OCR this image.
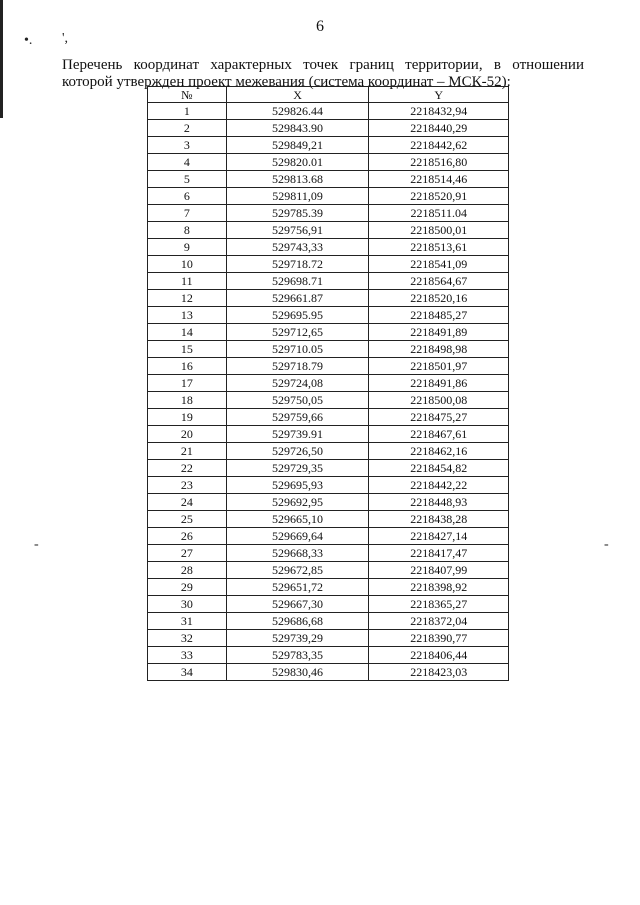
6
•. ',
-	-
Перечень координат характерных точек границ территории, в отношении которой утвержден проект межевания (система координат – МСК-52):
№	X	Y
1	529826.44	2218432,94
2	529843.90	2218440,29
3	529849,21	2218442,62
4	529820.01	2218516,80
5	529813.68	2218514,46
6	529811,09	2218520,91
7	529785.39	2218511.04
8	529756,91	2218500,01
9	529743,33	2218513,61
10	529718.72	2218541,09
11	529698.71	2218564,67
12	529661.87	2218520,16
13	529695.95	2218485,27
14	529712,65	2218491,89
15	529710.05	2218498,98
16	529718.79	2218501,97
17	529724,08	2218491,86
18	529750,05	2218500,08
19	529759,66	2218475,27
20	529739.91	2218467,61
21	529726,50	2218462,16
22	529729,35	2218454,82
23	529695,93	2218442,22
24	529692,95	2218448,93
25	529665,10	2218438,28
26	529669,64	2218427,14
27	529668,33	2218417,47
28	529672,85	2218407,99
29	529651,72	2218398,92
30	529667,30	2218365,27
31	529686,68	2218372,04
32	529739,29	2218390,77
33	529783,35	2218406,44
34	529830,46	2218423,03
